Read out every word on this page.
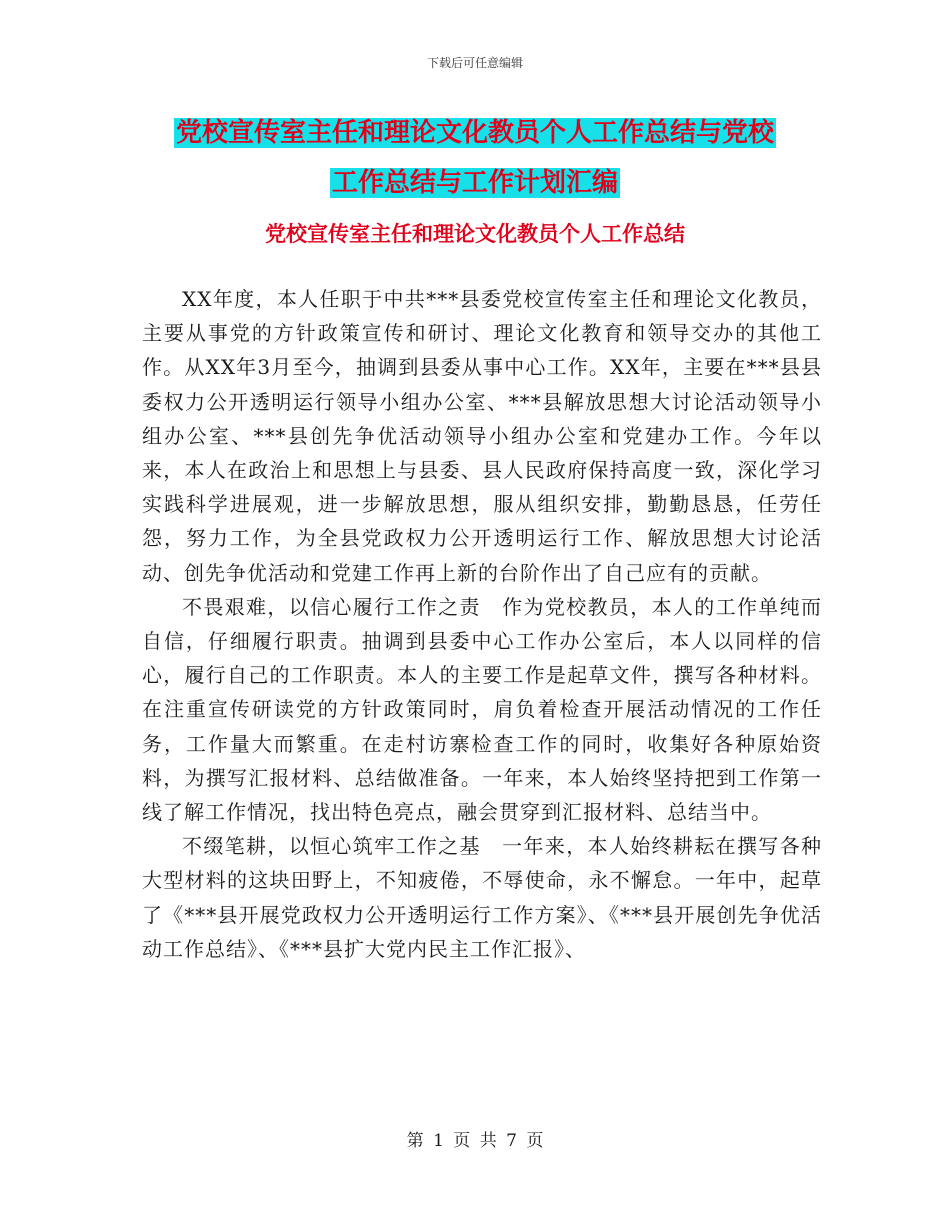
下载后可任意编辑
党校宣传室主任和理论文化教员个人工作总结与党校
工作总结与工作计划汇编
党校宣传室主任和理论文化教员个人工作总结

XX年度，本人任职于中共***县委党校宣传室主任和理论文化教员，主要从事党的方针政策宣传和研讨、理论文化教育和领导交办的其他工作。从XX年3月至今，抽调到县委从事中心工作。XX年，主要在***县县委权力公开透明运行领导小组办公室、***县解放思想大讨论活动领导小组办公室、***县创先争优活动领导小组办公室和党建办工作。今年以来，本人在政治上和思想上与县委、县人民政府保持高度一致，深化学习实践科学进展观，进一步解放思想，服从组织安排，勤勤恳恳，任劳任怨，努力工作，为全县党政权力公开透明运行工作、解放思想大讨论活动、创先争优活动和党建工作再上新的台阶作出了自己应有的贡献。

不畏艰难，以信心履行工作之责　作为党校教员，本人的工作单纯而自信，仔细履行职责。抽调到县委中心工作办公室后，本人以同样的信心，履行自己的工作职责。本人的主要工作是起草文件，撰写各种材料。在注重宣传研读党的方针政策同时，肩负着检查开展活动情况的工作任务，工作量大而繁重。在走村访寨检查工作的同时，收集好各种原始资料，为撰写汇报材料、总结做准备。一年来，本人始终坚持把到工作第一线了解工作情况，找出特色亮点，融会贯穿到汇报材料、总结当中。

不缀笔耕，以恒心筑牢工作之基　一年来，本人始终耕耘在撰写各种大型材料的这块田野上，不知疲倦，不辱使命，永不懈怠。一年中，起草了《***县开展党政权力公开透明运行工作方案》、《***县开展创先争优活动工作总结》、《***县扩大党内民主工作汇报》、

第 1 页 共 7 页
